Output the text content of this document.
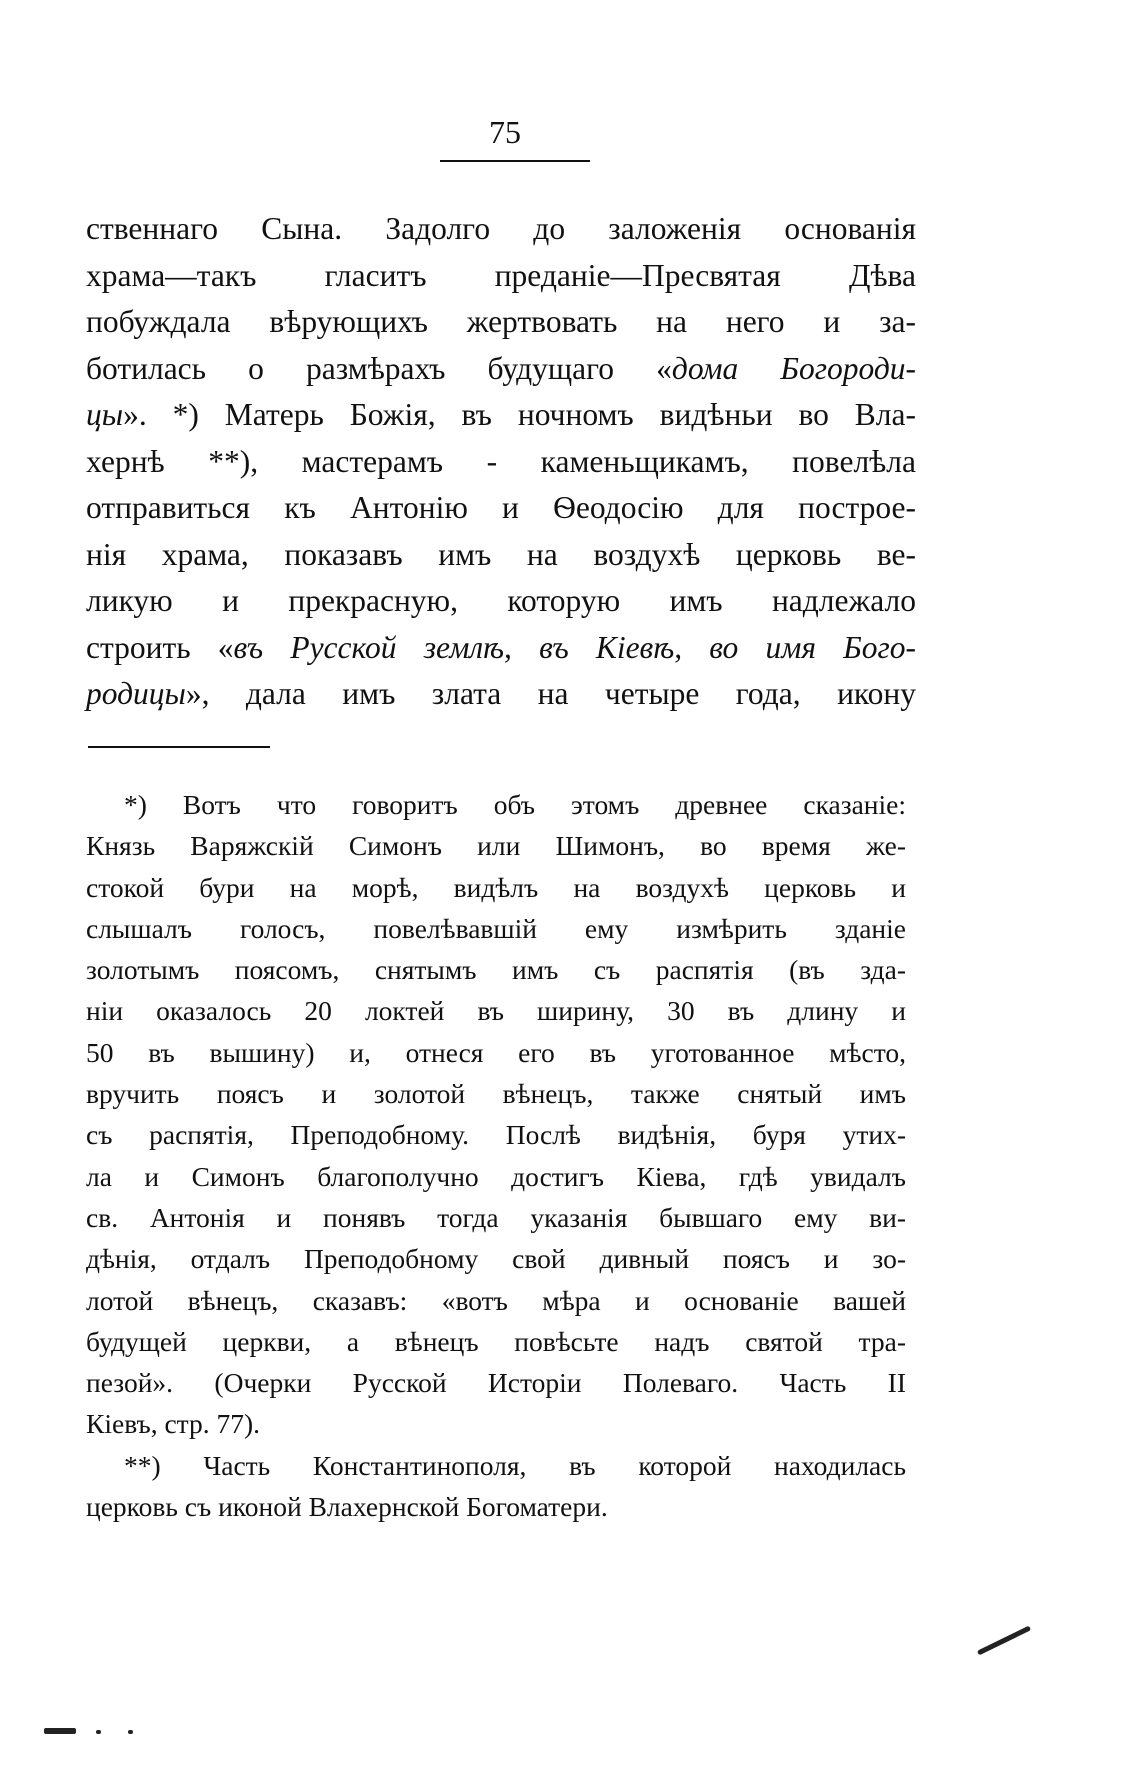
75
ственнаго Сына. Задолго до заложенія основанія
храма—такъ гласитъ преданіе—Пресвятая Дѣва
побуждала вѣрующихъ жертвовать на него и за-
ботилась о размѣрахъ будущаго «дома Богороди-
цы». *) Матерь Божія, въ ночномъ видѣньи во Вла-
хернѣ **), мастерамъ - каменьщикамъ, повелѣла
отправиться къ Антонію и Ѳеодосію для построе-
нія храма, показавъ имъ на воздухѣ церковь ве-
ликую и прекрасную, которую имъ надлежало
строить «въ Русской землѣ, въ Кіевѣ, во имя Бого-
родицы», дала имъ злата на четыре года, икону
*) Вотъ что говоритъ объ этомъ древнее сказаніе:
Князь Варяжскій Симонъ или Шимонъ, во время же-
стокой бури на морѣ, видѣлъ на воздухѣ церковь и
слышалъ голосъ, повелѣвавшій ему измѣрить зданіе
золотымъ поясомъ, снятымъ имъ съ распятія (въ зда-
ніи оказалось 20 локтей въ ширину, 30 въ длину и
50 въ вышину) и, отнеся его въ уготованное мѣсто,
вручить поясъ и золотой вѣнецъ, также снятый имъ
съ распятія, Преподобному. Послѣ видѣнія, буря утих-
ла и Симонъ благополучно достигъ Кіева, гдѣ увидалъ
св. Антонія и понявъ тогда указанія бывшаго ему ви-
дѣнія, отдалъ Преподобному свой дивный поясъ и зо-
лотой вѣнецъ, сказавъ: «вотъ мѣра и основаніе вашей
будущей церкви, а вѣнецъ повѣсьте надъ святой тра-
пезой». (Очерки Русской Исторіи Полеваго. Часть II
Кіевъ, стр. 77).
**) Часть Константинополя, въ которой находилась
церковь съ иконой Влахернской Богоматери.
